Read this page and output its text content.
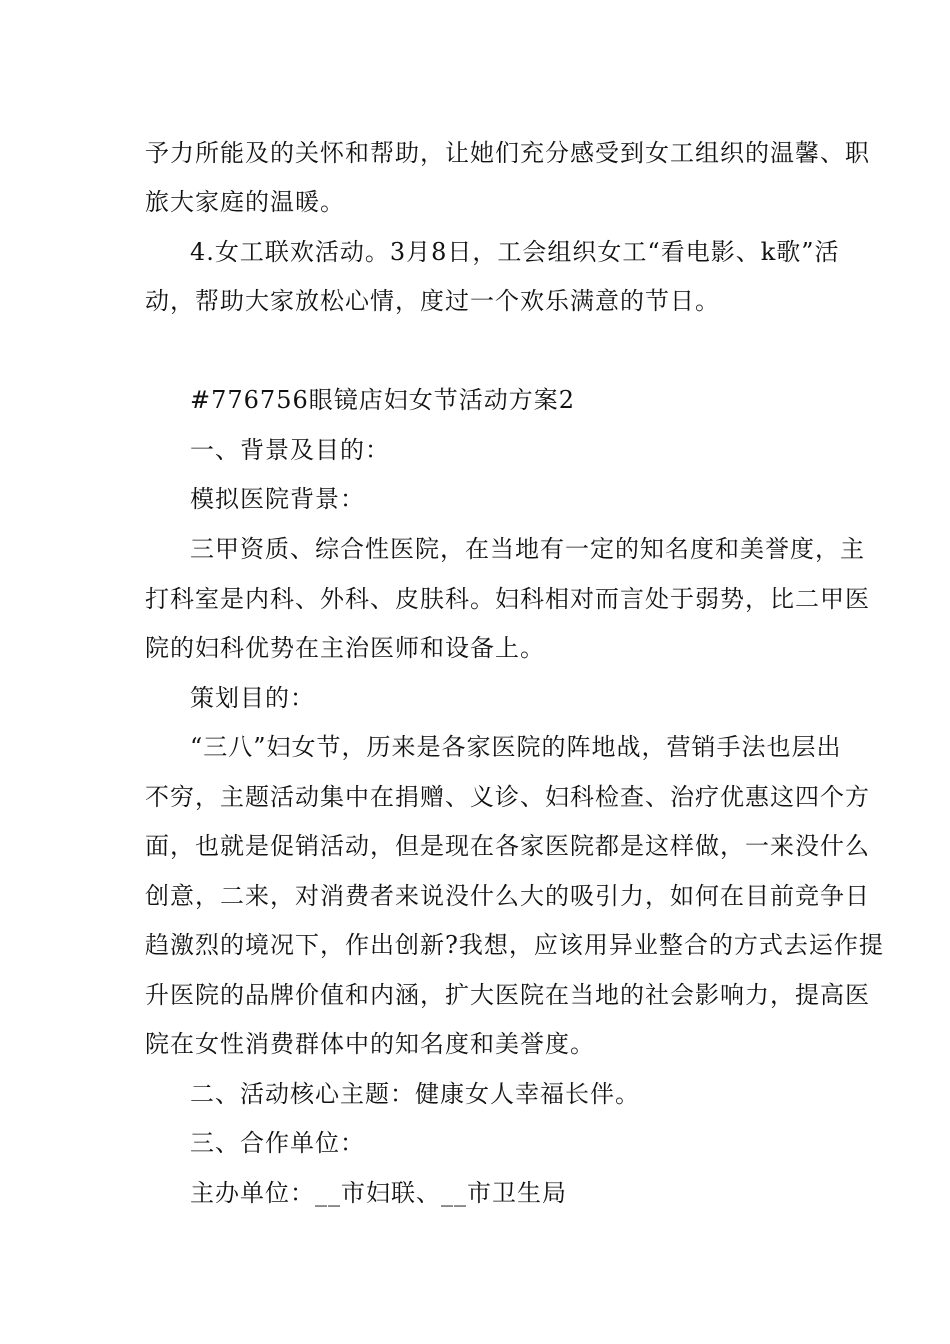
予力所能及的关怀和帮助，让她们充分感受到女工组织的温馨、职
旅大家庭的温暖。
4.女工联欢活动。3月8日，工会组织女工“看电影、k歌”活
动，帮助大家放松心情，度过一个欢乐满意的节日。
#776756眼镜店妇女节活动方案2
一、背景及目的：
模拟医院背景：
三甲资质、综合性医院，在当地有一定的知名度和美誉度，主
打科室是内科、外科、皮肤科。妇科相对而言处于弱势，比二甲医
院的妇科优势在主治医师和设备上。
策划目的：
“三八”妇女节，历来是各家医院的阵地战，营销手法也层出
不穷，主题活动集中在捐赠、义诊、妇科检查、治疗优惠这四个方
面，也就是促销活动，但是现在各家医院都是这样做，一来没什么
创意，二来，对消费者来说没什么大的吸引力，如何在目前竞争日
趋激烈的境况下，作出创新?我想，应该用异业整合的方式去运作提
升医院的品牌价值和内涵，扩大医院在当地的社会影响力，提高医
院在女性消费群体中的知名度和美誉度。
二、活动核心主题：健康女人幸福长伴。
三、合作单位：
主办单位：__市妇联、__市卫生局
